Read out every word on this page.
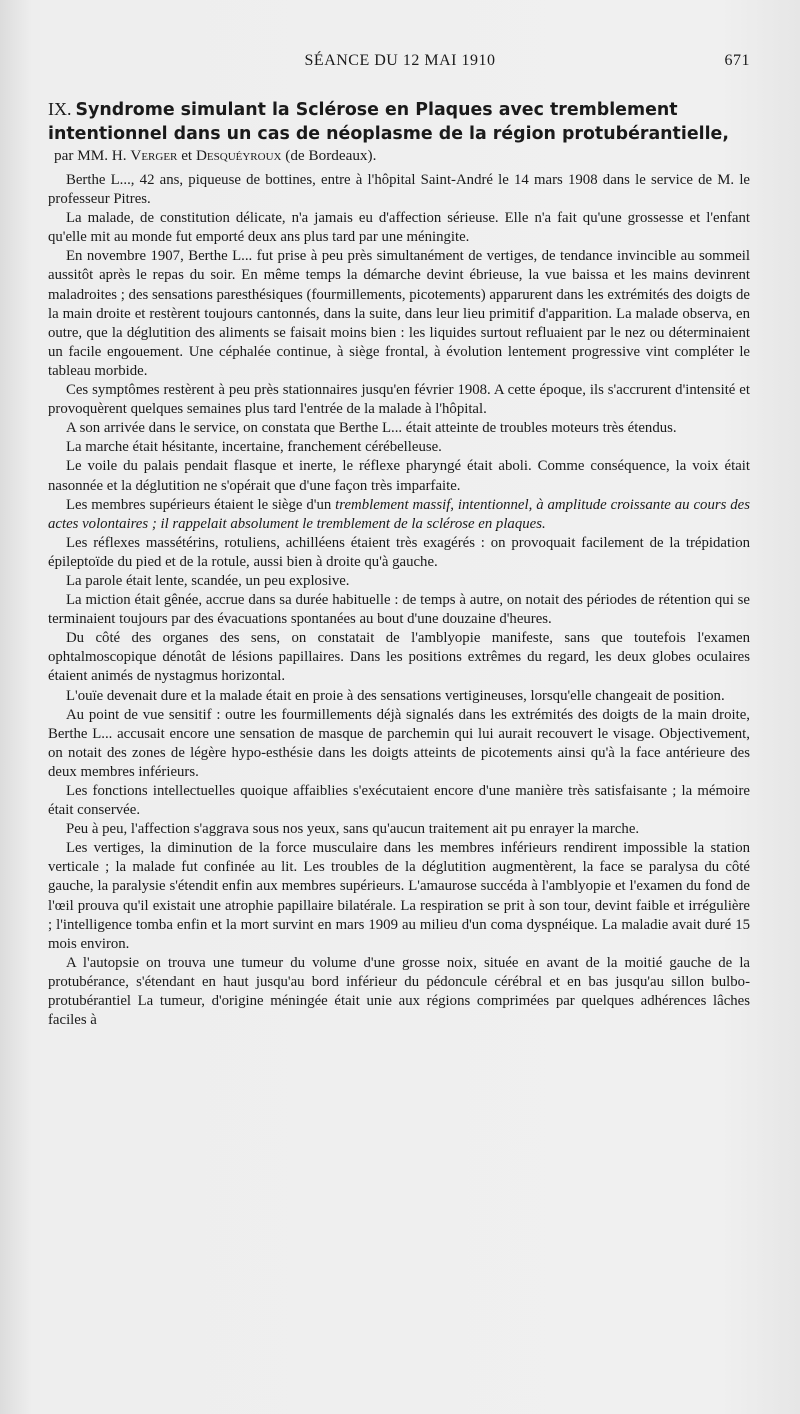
SÉANCE DU 12 MAI 1910	671
IX. Syndrome simulant la Sclérose en Plaques avec tremblement intentionnel dans un cas de néoplasme de la région protubérantielle,
par MM. H. Verger et Desquéyroux (de Bordeaux).

Berthe L..., 42 ans, piqueuse de bottines, entre à l'hôpital Saint-André le 14 mars 1908 dans le service de M. le professeur Pitres.

La malade, de constitution délicate, n'a jamais eu d'affection sérieuse. Elle n'a fait qu'une grossesse et l'enfant qu'elle mit au monde fut emporté deux ans plus tard par une méningite.

En novembre 1907, Berthe L... fut prise à peu près simultanément de vertiges, de tendance invincible au sommeil aussitôt après le repas du soir. En même temps la démarche devint ébrieuse, la vue baissa et les mains devinrent maladroites ; des sensations paresthésiques (fourmillements, picotements) apparurent dans les extrémités des doigts de la main droite et restèrent toujours cantonnés, dans la suite, dans leur lieu primitif d'apparition. La malade observa, en outre, que la déglutition des aliments se faisait moins bien : les liquides surtout refluaient par le nez ou déterminaient un facile engouement. Une céphalée continue, à siège frontal, à évolution lentement progressive vint compléter le tableau morbide.

Ces symptômes restèrent à peu près stationnaires jusqu'en février 1908. A cette époque, ils s'accrurent d'intensité et provoquèrent quelques semaines plus tard l'entrée de la malade à l'hôpital.

A son arrivée dans le service, on constata que Berthe L... était atteinte de troubles moteurs très étendus.

La marche était hésitante, incertaine, franchement cérébelleuse.

Le voile du palais pendait flasque et inerte, le réflexe pharyngé était aboli. Comme conséquence, la voix était nasonnée et la déglutition ne s'opérait que d'une façon très imparfaite.

Les membres supérieurs étaient le siège d'un tremblement massif, intentionnel, à amplitude croissante au cours des actes volontaires ; il rappelait absolument le tremblement de la sclérose en plaques.

Les réflexes massétérins, rotuliens, achilléens étaient très exagérés : on provoquait facilement de la trépidation épileptoïde du pied et de la rotule, aussi bien à droite qu'à gauche.

La parole était lente, scandée, un peu explosive.

La miction était gênée, accrue dans sa durée habituelle : de temps à autre, on notait des périodes de rétention qui se terminaient toujours par des évacuations spontanées au bout d'une douzaine d'heures.

Du côté des organes des sens, on constatait de l'amblyopie manifeste, sans que toutefois l'examen ophtalmoscopique dénotât de lésions papillaires. Dans les positions extrêmes du regard, les deux globes oculaires étaient animés de nystagmus horizontal.

L'ouïe devenait dure et la malade était en proie à des sensations vertigineuses, lorsqu'elle changeait de position.

Au point de vue sensitif : outre les fourmillements déjà signalés dans les extrémités des doigts de la main droite, Berthe L... accusait encore une sensation de masque de parchemin qui lui aurait recouvert le visage. Objectivement, on notait des zones de légère hypo-esthésie dans les doigts atteints de picotements ainsi qu'à la face antérieure des deux membres inférieurs.

Les fonctions intellectuelles quoique affaiblies s'exécutaient encore d'une manière très satisfaisante ; la mémoire était conservée.

Peu à peu, l'affection s'aggrava sous nos yeux, sans qu'aucun traitement ait pu enrayer la marche.

Les vertiges, la diminution de la force musculaire dans les membres inférieurs rendirent impossible la station verticale ; la malade fut confinée au lit. Les troubles de la déglutition augmentèrent, la face se paralysa du côté gauche, la paralysie s'étendit enfin aux membres supérieurs. L'amaurose succéda à l'amblyopie et l'examen du fond de l'œil prouva qu'il existait une atrophie papillaire bilatérale. La respiration se prit à son tour, devint faible et irrégulière ; l'intelligence tomba enfin et la mort survint en mars 1909 au milieu d'un coma dyspnéique. La maladie avait duré 15 mois environ.

A l'autopsie on trouva une tumeur du volume d'une grosse noix, située en avant de la moitié gauche de la protubérance, s'étendant en haut jusqu'au bord inférieur du pédoncule cérébral et en bas jusqu'au sillon bulbo-protubérantiel La tumeur, d'origine méningée était unie aux régions comprimées par quelques adhérences lâches faciles à
